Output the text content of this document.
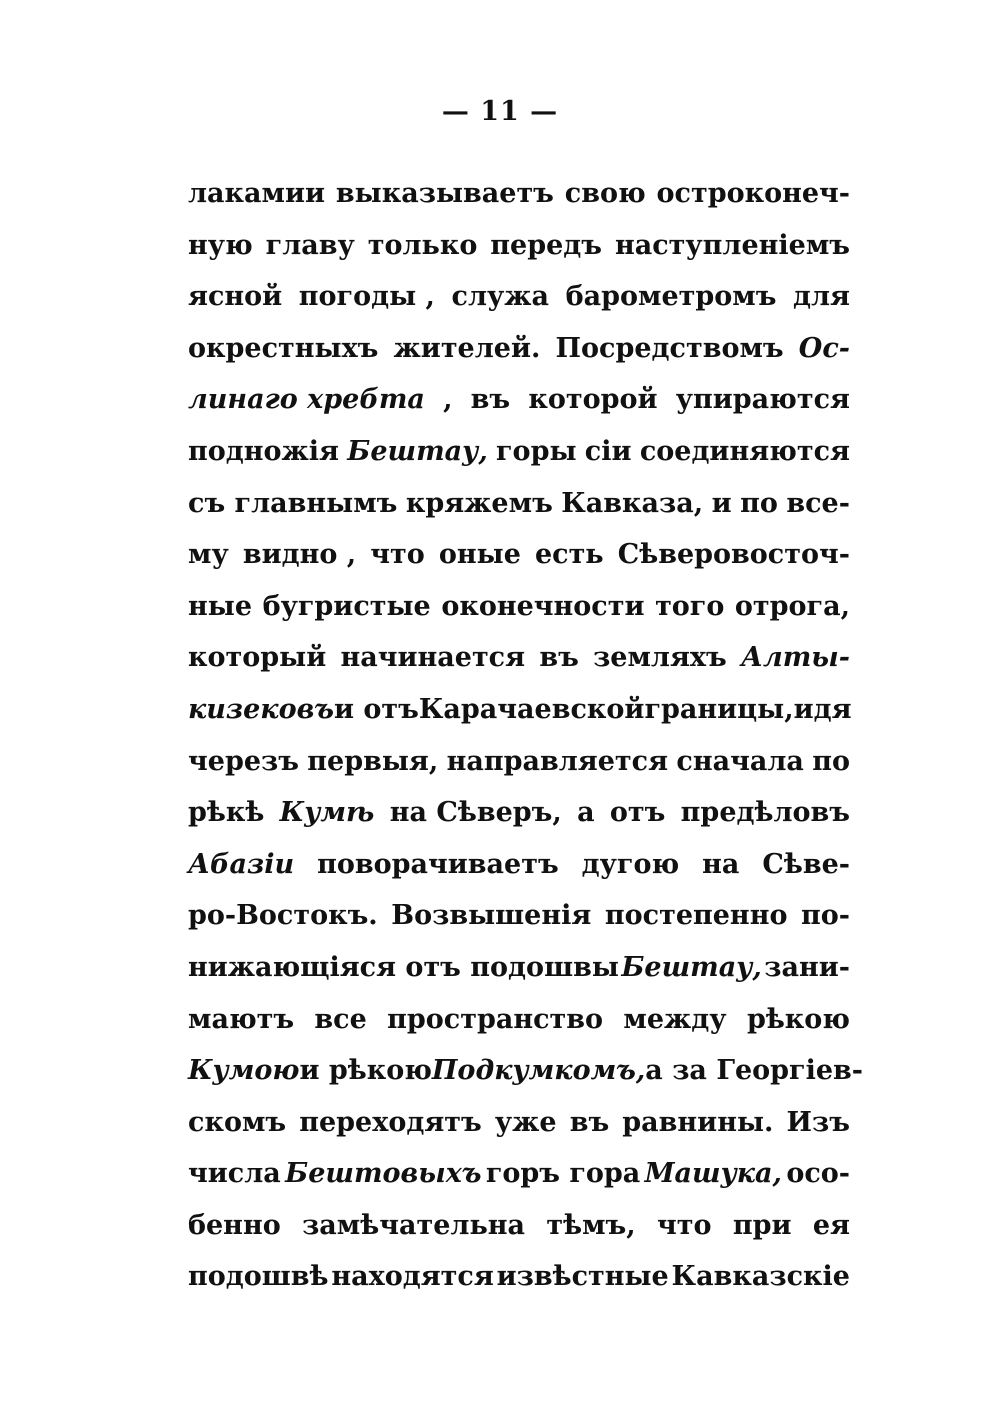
— 11 —
лакамии выказываетъ свою остроконеч-
ную главу только передъ наступленіемъ
ясной погоды , служа барометромъ для
окрестныхъ жителей. Посредствомъ Ос-
линаго хребта , въ которой упираются
подножія Бештау, горы сіи соединяются
съ главнымъ кряжемъ Кавказа, и по все-
му видно , что оные есть Сѣверовосточ-
ные бугристые оконечности того отрога,
который начинается въ земляхъ Алты-
кизековъ и отъ Карачаевской границы, идя
черезъ первыя, направляется сначала по
рѣкѣ Кумѣ на Сѣверъ, а отъ предѣловъ
Абазіи поворачиваетъ дугою на Сѣве-
ро-Востокъ. Возвышенія постепенно по-
нижающіяся отъ подошвы Бештау, зани-
маютъ все пространство между рѣкою
Кумою и рѣкою Подкумкомъ, а за Георгіев-
скомъ переходятъ уже въ равнины. Изъ
числа Бештовыхъ горъ гора Машука, осо-
бенно замѣчательна тѣмъ, что при ея
подошвѣ находятся извѣстные Кавказскіе
